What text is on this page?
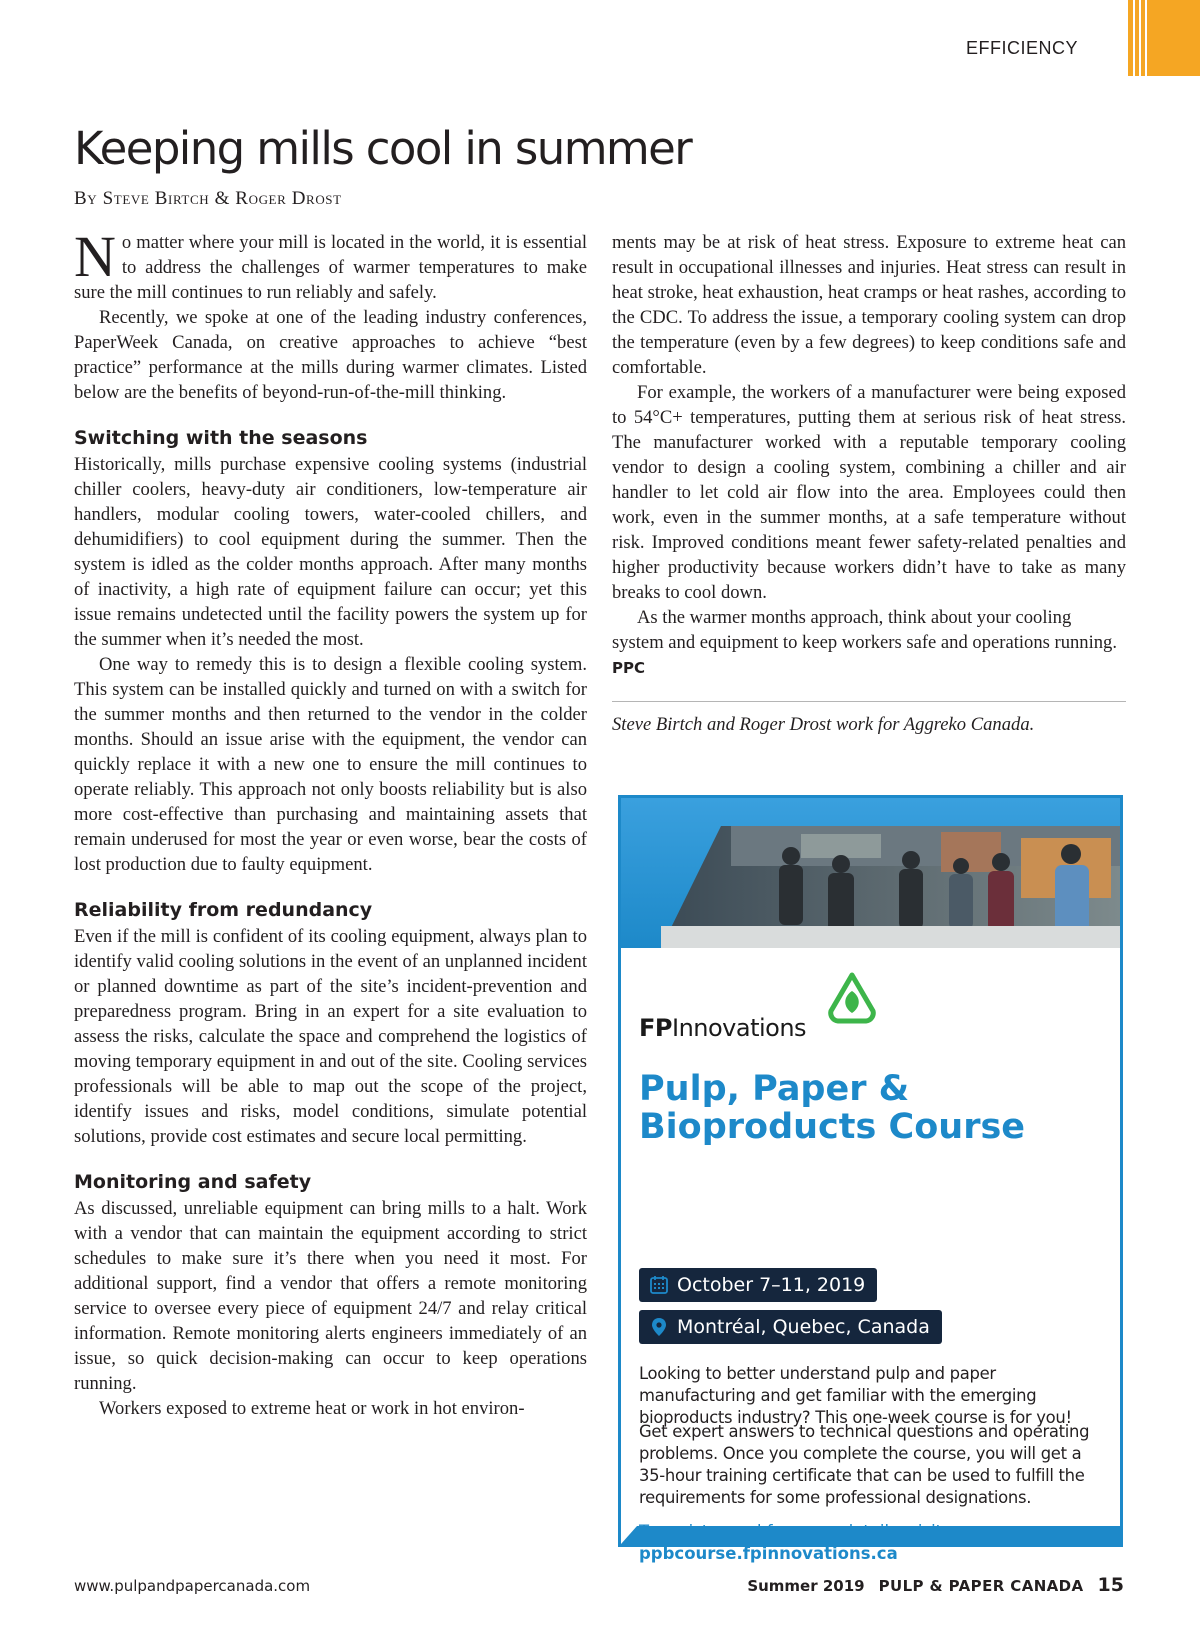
EFFICIENCY
Keeping mills cool in summer
By Steve Birtch & Roger Drost

No matter where your mill is located in the world, it is essential to address the challenges of warmer temperatures to make sure the mill continues to run reliably and safely.

Recently, we spoke at one of the leading industry conferences, PaperWeek Canada, on creative approaches to achieve “best practice” performance at the mills during warmer climates. Listed below are the benefits of beyond-run-of-the-mill thinking.

Switching with the seasons

Historically, mills purchase expensive cooling systems (industrial chiller coolers, heavy-duty air conditioners, low-temperature air handlers, modular cooling towers, water-cooled chillers, and dehumidifiers) to cool equipment during the summer. Then the system is idled as the colder months approach. After many months of inactivity, a high rate of equipment failure can occur; yet this issue remains undetected until the facility powers the system up for the summer when it’s needed the most.

One way to remedy this is to design a flexible cooling system. This system can be installed quickly and turned on with a switch for the summer months and then returned to the vendor in the colder months. Should an issue arise with the equipment, the vendor can quickly replace it with a new one to ensure the mill continues to operate reliably. This approach not only boosts reliability but is also more cost-effective than purchasing and maintaining assets that remain underused for most the year or even worse, bear the costs of lost production due to faulty equipment.

Reliability from redundancy

Even if the mill is confident of its cooling equipment, always plan to identify valid cooling solutions in the event of an unplanned incident or planned downtime as part of the site’s incident-prevention and preparedness program. Bring in an expert for a site evaluation to assess the risks, calculate the space and comprehend the logistics of moving temporary equipment in and out of the site. Cooling services professionals will be able to map out the scope of the project, identify issues and risks, model conditions, simulate potential solutions, provide cost estimates and secure local permitting.

Monitoring and safety

As discussed, unreliable equipment can bring mills to a halt. Work with a vendor that can maintain the equipment according to strict schedules to make sure it’s there when you need it most. For additional support, find a vendor that offers a remote monitoring service to oversee every piece of equipment 24/7 and relay critical information. Remote monitoring alerts engineers immediately of an issue, so quick decision-making can occur to keep operations running.

Workers exposed to extreme heat or work in hot environ-

ments may be at risk of heat stress. Exposure to extreme heat can result in occupational illnesses and injuries. Heat stress can result in heat stroke, heat exhaustion, heat cramps or heat rashes, according to the CDC. To address the issue, a temporary cooling system can drop the temperature (even by a few degrees) to keep conditions safe and comfortable.

For example, the workers of a manufacturer were being exposed to 54°C+ temperatures, putting them at serious risk of heat stress. The manufacturer worked with a reputable temporary cooling vendor to design a cooling system, combining a chiller and air handler to let cold air flow into the area. Employees could then work, even in the summer months, at a safe temperature without risk. Improved conditions meant fewer safety-related penalties and higher productivity because workers didn’t have to take as many breaks to cool down.

As the warmer months approach, think about your cooling system and equipment to keep workers safe and operations running. PPC

Steve Birtch and Roger Drost work for Aggreko Canada.

FPInnovations
Pulp, Paper &
Bioproducts Course
October 7–11, 2019
Montréal, Quebec, Canada

Looking to better understand pulp and paper manufacturing and get familiar with the emerging bioproducts industry? This one-week course is for you!

Get expert answers to technical questions and operating problems. Once you complete the course, you will get a 35-hour training certificate that can be used to fulfill the requirements for some professional designations.

ppbcourse.fpinnovations.ca
www.pulpandpapercanada.com	Summer 2019 PULP & PAPER CANADA 15
